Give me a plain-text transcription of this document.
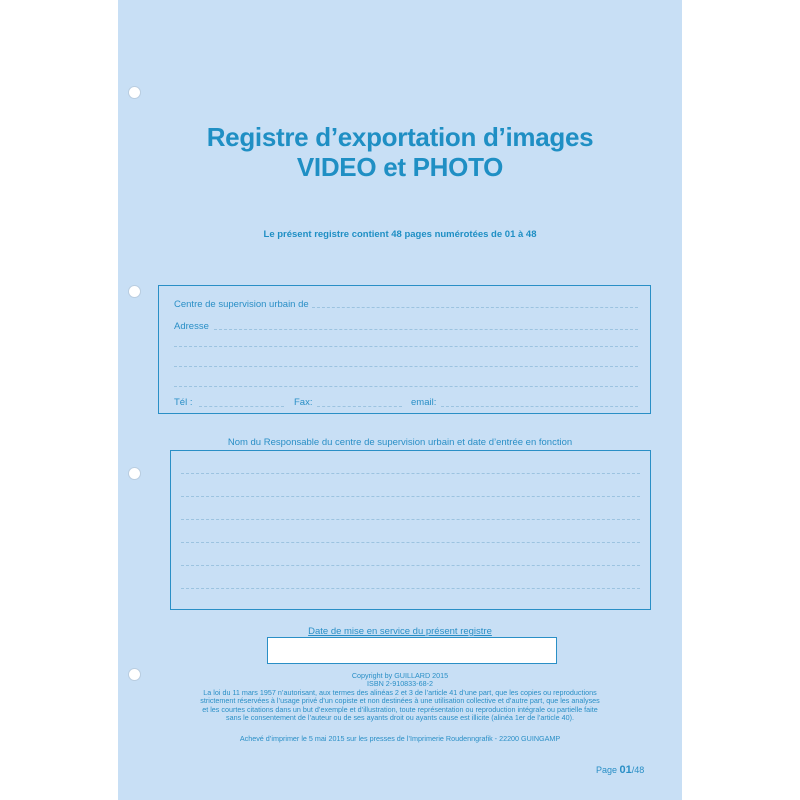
Registre d’exportation d’images
VIDEO et PHOTO
Le présent registre contient 48 pages numérotées de 01 à 48
Centre de supervision urbain de
Adresse
Tél :	Fax:	email:
Nom du Responsable du centre de supervision urbain et date d’entrée en fonction
Date de mise en service du présent registre
Copyright by GUILLARD 2015
ISBN 2-910833-68-2
La loi du 11 mars 1957 n’autorisant, aux termes des alinéas 2 et 3 de l’article 41 d’une part, que les copies ou reproductions
strictement réservées à l’usage privé d’un copiste et non destinées à une utilisation collective et d’autre part, que les analyses
et les courtes citations dans un but d’exemple et d’illustration, toute représentation ou reproduction intégrale ou partielle faite
sans le consentement de l’auteur ou de ses ayants droit ou ayants cause est illicite (alinéa 1er de l’article 40).
Achevé d’imprimer le 5 mai 2015 sur les presses de l’Imprimerie Roudenngrafik - 22200 GUINGAMP
Page 01/48
